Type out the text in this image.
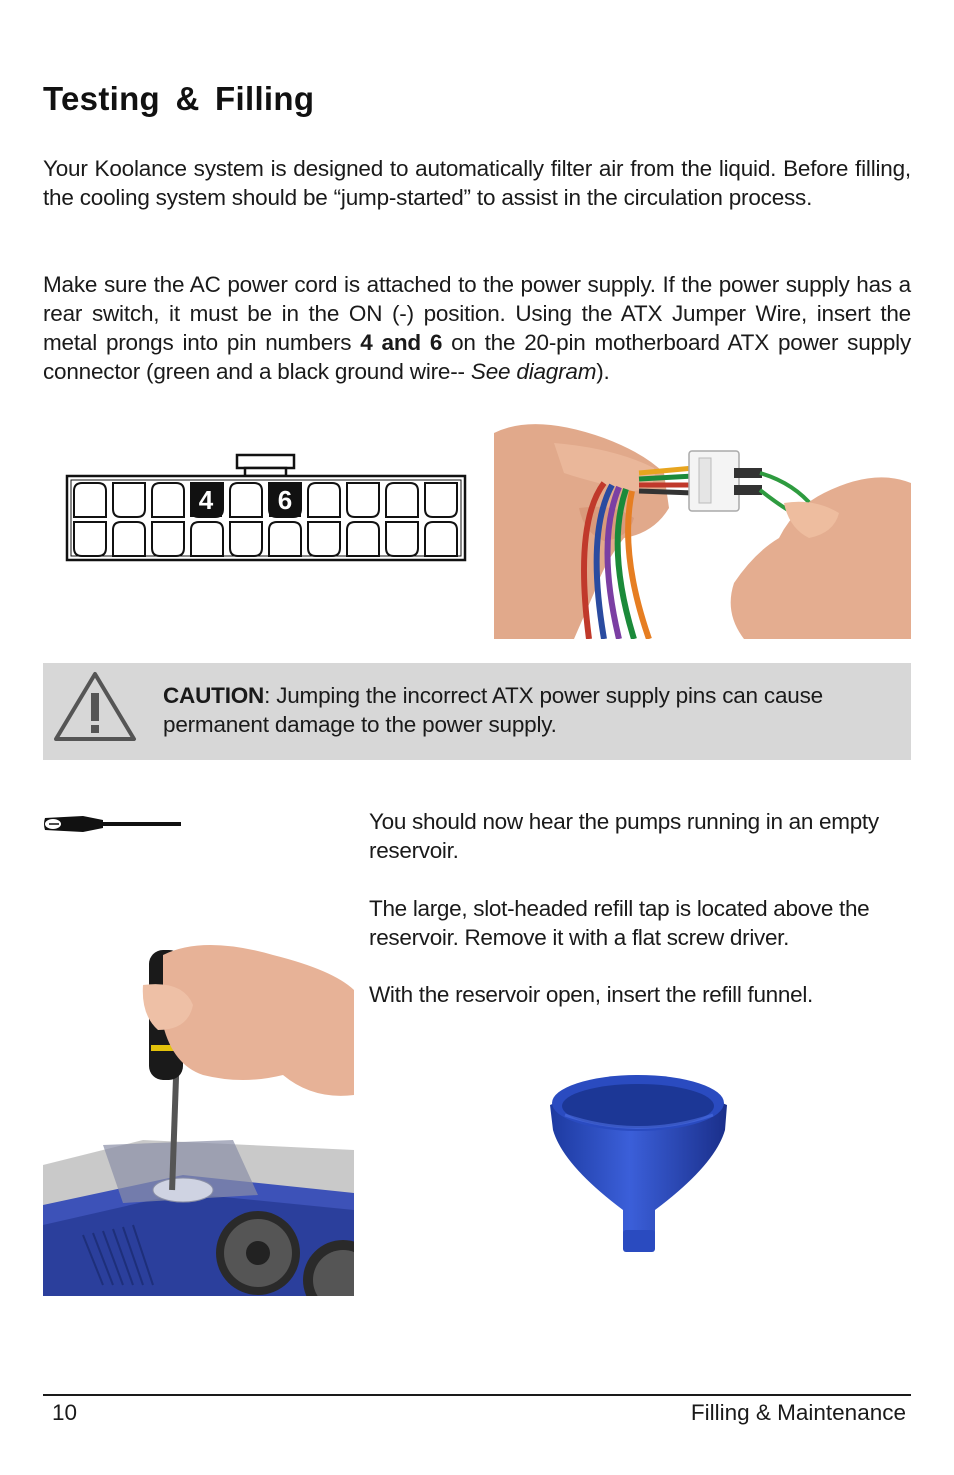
Testing & Filling

Your Koolance system is designed to automatically filter air from the liquid. Before filling, the cooling system should be “jump-started” to assist in the circulation process.

Make sure the AC power cord is attached to the power supply. If the power supply has a rear switch, it must be in the ON (-) position. Using the ATX Jumper Wire, insert the metal prongs into pin numbers 4 and 6 on the 20-pin motherboard ATX power supply connector (green and a black ground wire-- See diagram).

4 6
CAUTION: Jumping the incorrect ATX power supply pins can cause permanent damage to the power supply.

You should now hear the pumps running in an empty reservoir.

The large, slot-headed refill tap is located above the reservoir. Remove it with a flat screw driver.

With the reservoir open, insert the refill funnel.

10	Filling & Maintenance
